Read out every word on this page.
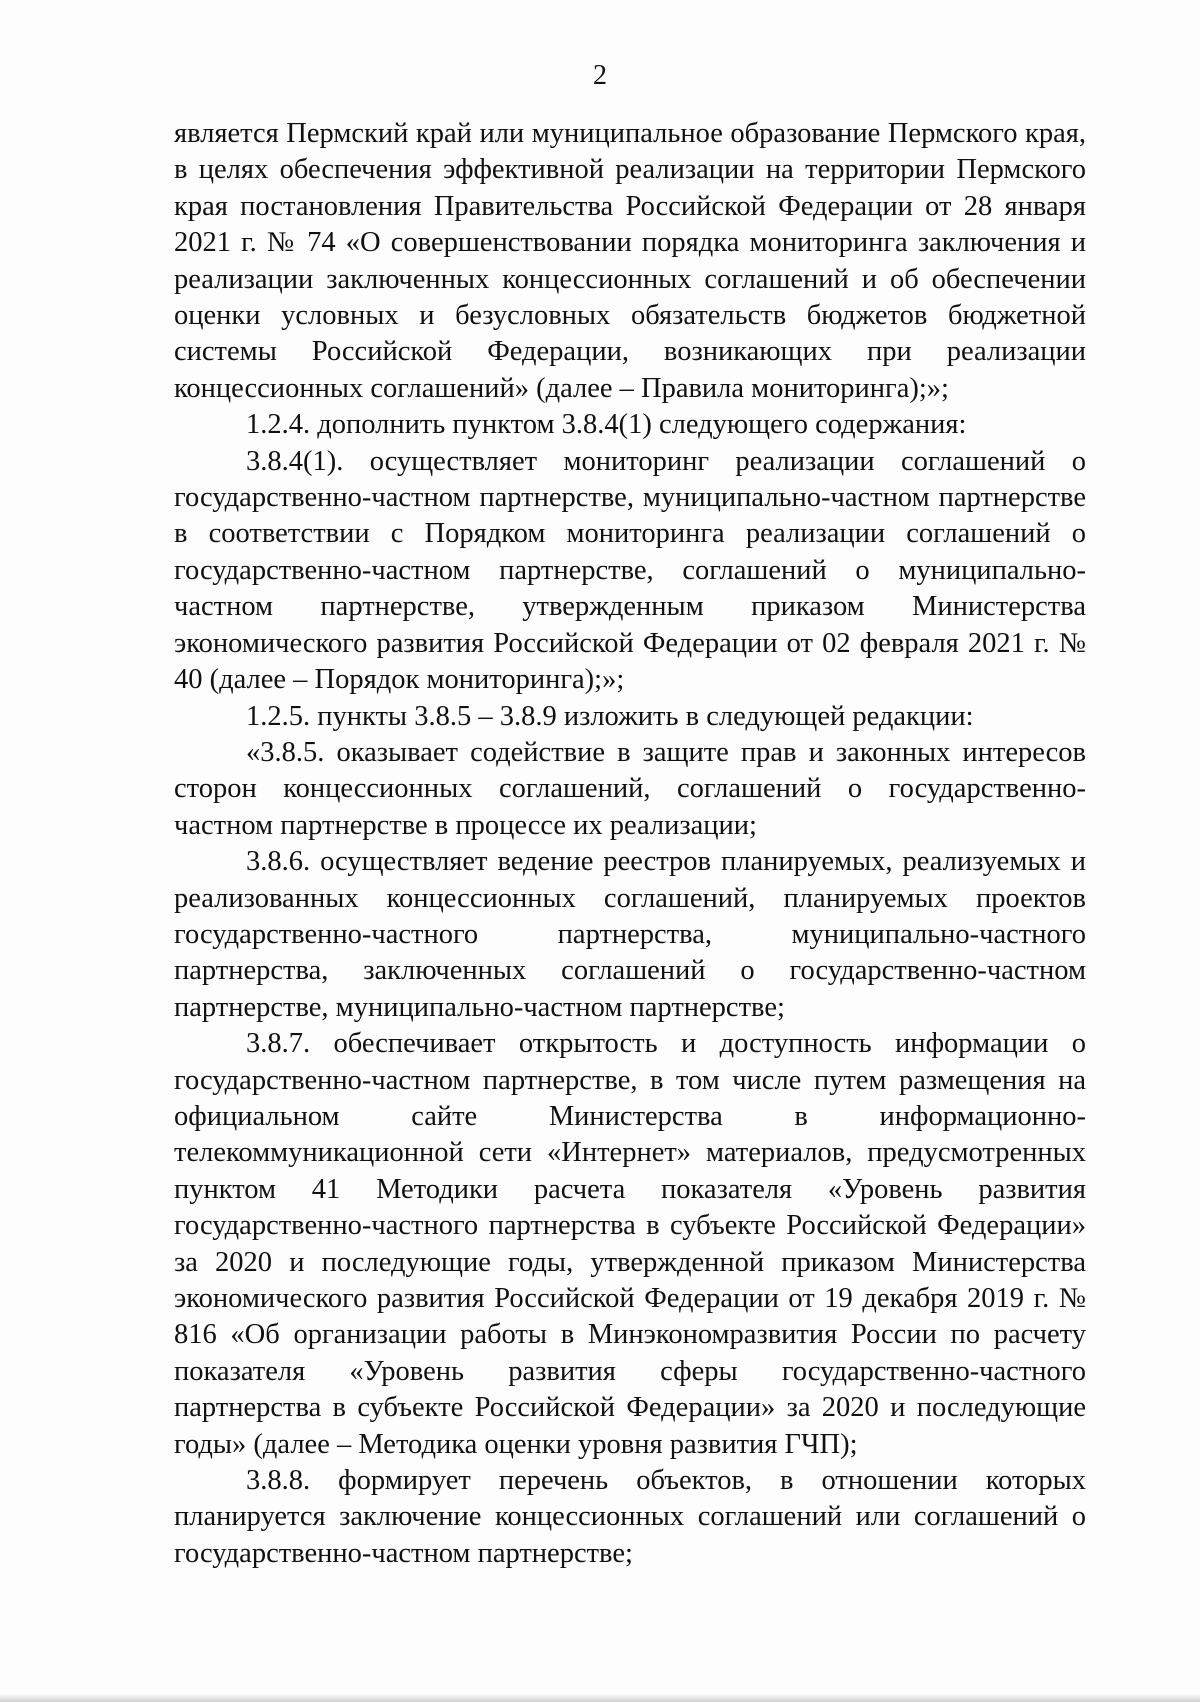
2

является Пермский край или муниципальное образование Пермского края, в целях обеспечения эффективной реализации на территории Пермского края постановления Правительства Российской Федерации от 28 января 2021 г. № 74 «О совершенствовании порядка мониторинга заключения и реализации заключенных концессионных соглашений и об обеспечении оценки условных и безусловных обязательств бюджетов бюджетной системы Российской Федерации, возникающих при реализации концессионных соглашений» (далее – Правила мониторинга);»;

1.2.4. дополнить пунктом 3.8.4(1) следующего содержания:

3.8.4(1). осуществляет мониторинг реализации соглашений о государственно-частном партнерстве, муниципально-частном партнерстве в соответствии с Порядком мониторинга реализации соглашений о государственно-частном партнерстве, соглашений о муниципально-частном партнерстве, утвержденным приказом Министерства экономического развития Российской Федерации от 02 февраля 2021 г. № 40 (далее – Порядок мониторинга);»;

1.2.5. пункты 3.8.5 – 3.8.9 изложить в следующей редакции:

«3.8.5. оказывает содействие в защите прав и законных интересов сторон концессионных соглашений, соглашений о государственно-частном партнерстве в процессе их реализации;

3.8.6. осуществляет ведение реестров планируемых, реализуемых и реализованных концессионных соглашений, планируемых проектов государственно-частного партнерства, муниципально-частного партнерства, заключенных соглашений о государственно-частном партнерстве, муниципально-частном партнерстве;

3.8.7. обеспечивает открытость и доступность информации о государственно-частном партнерстве, в том числе путем размещения на официальном сайте Министерства в информационно-телекоммуникационной сети «Интернет» материалов, предусмотренных пунктом 41 Методики расчета показателя «Уровень развития государственно-частного партнерства в субъекте Российской Федерации» за 2020 и последующие годы, утвержденной приказом Министерства экономического развития Российской Федерации от 19 декабря 2019 г. № 816 «Об организации работы в Минэкономразвития России по расчету показателя «Уровень развития сферы государственно-частного партнерства в субъекте Российской Федерации» за 2020 и последующие годы» (далее – Методика оценки уровня развития ГЧП);

3.8.8. формирует перечень объектов, в отношении которых планируется заключение концессионных соглашений или соглашений о государственно-частном партнерстве;
